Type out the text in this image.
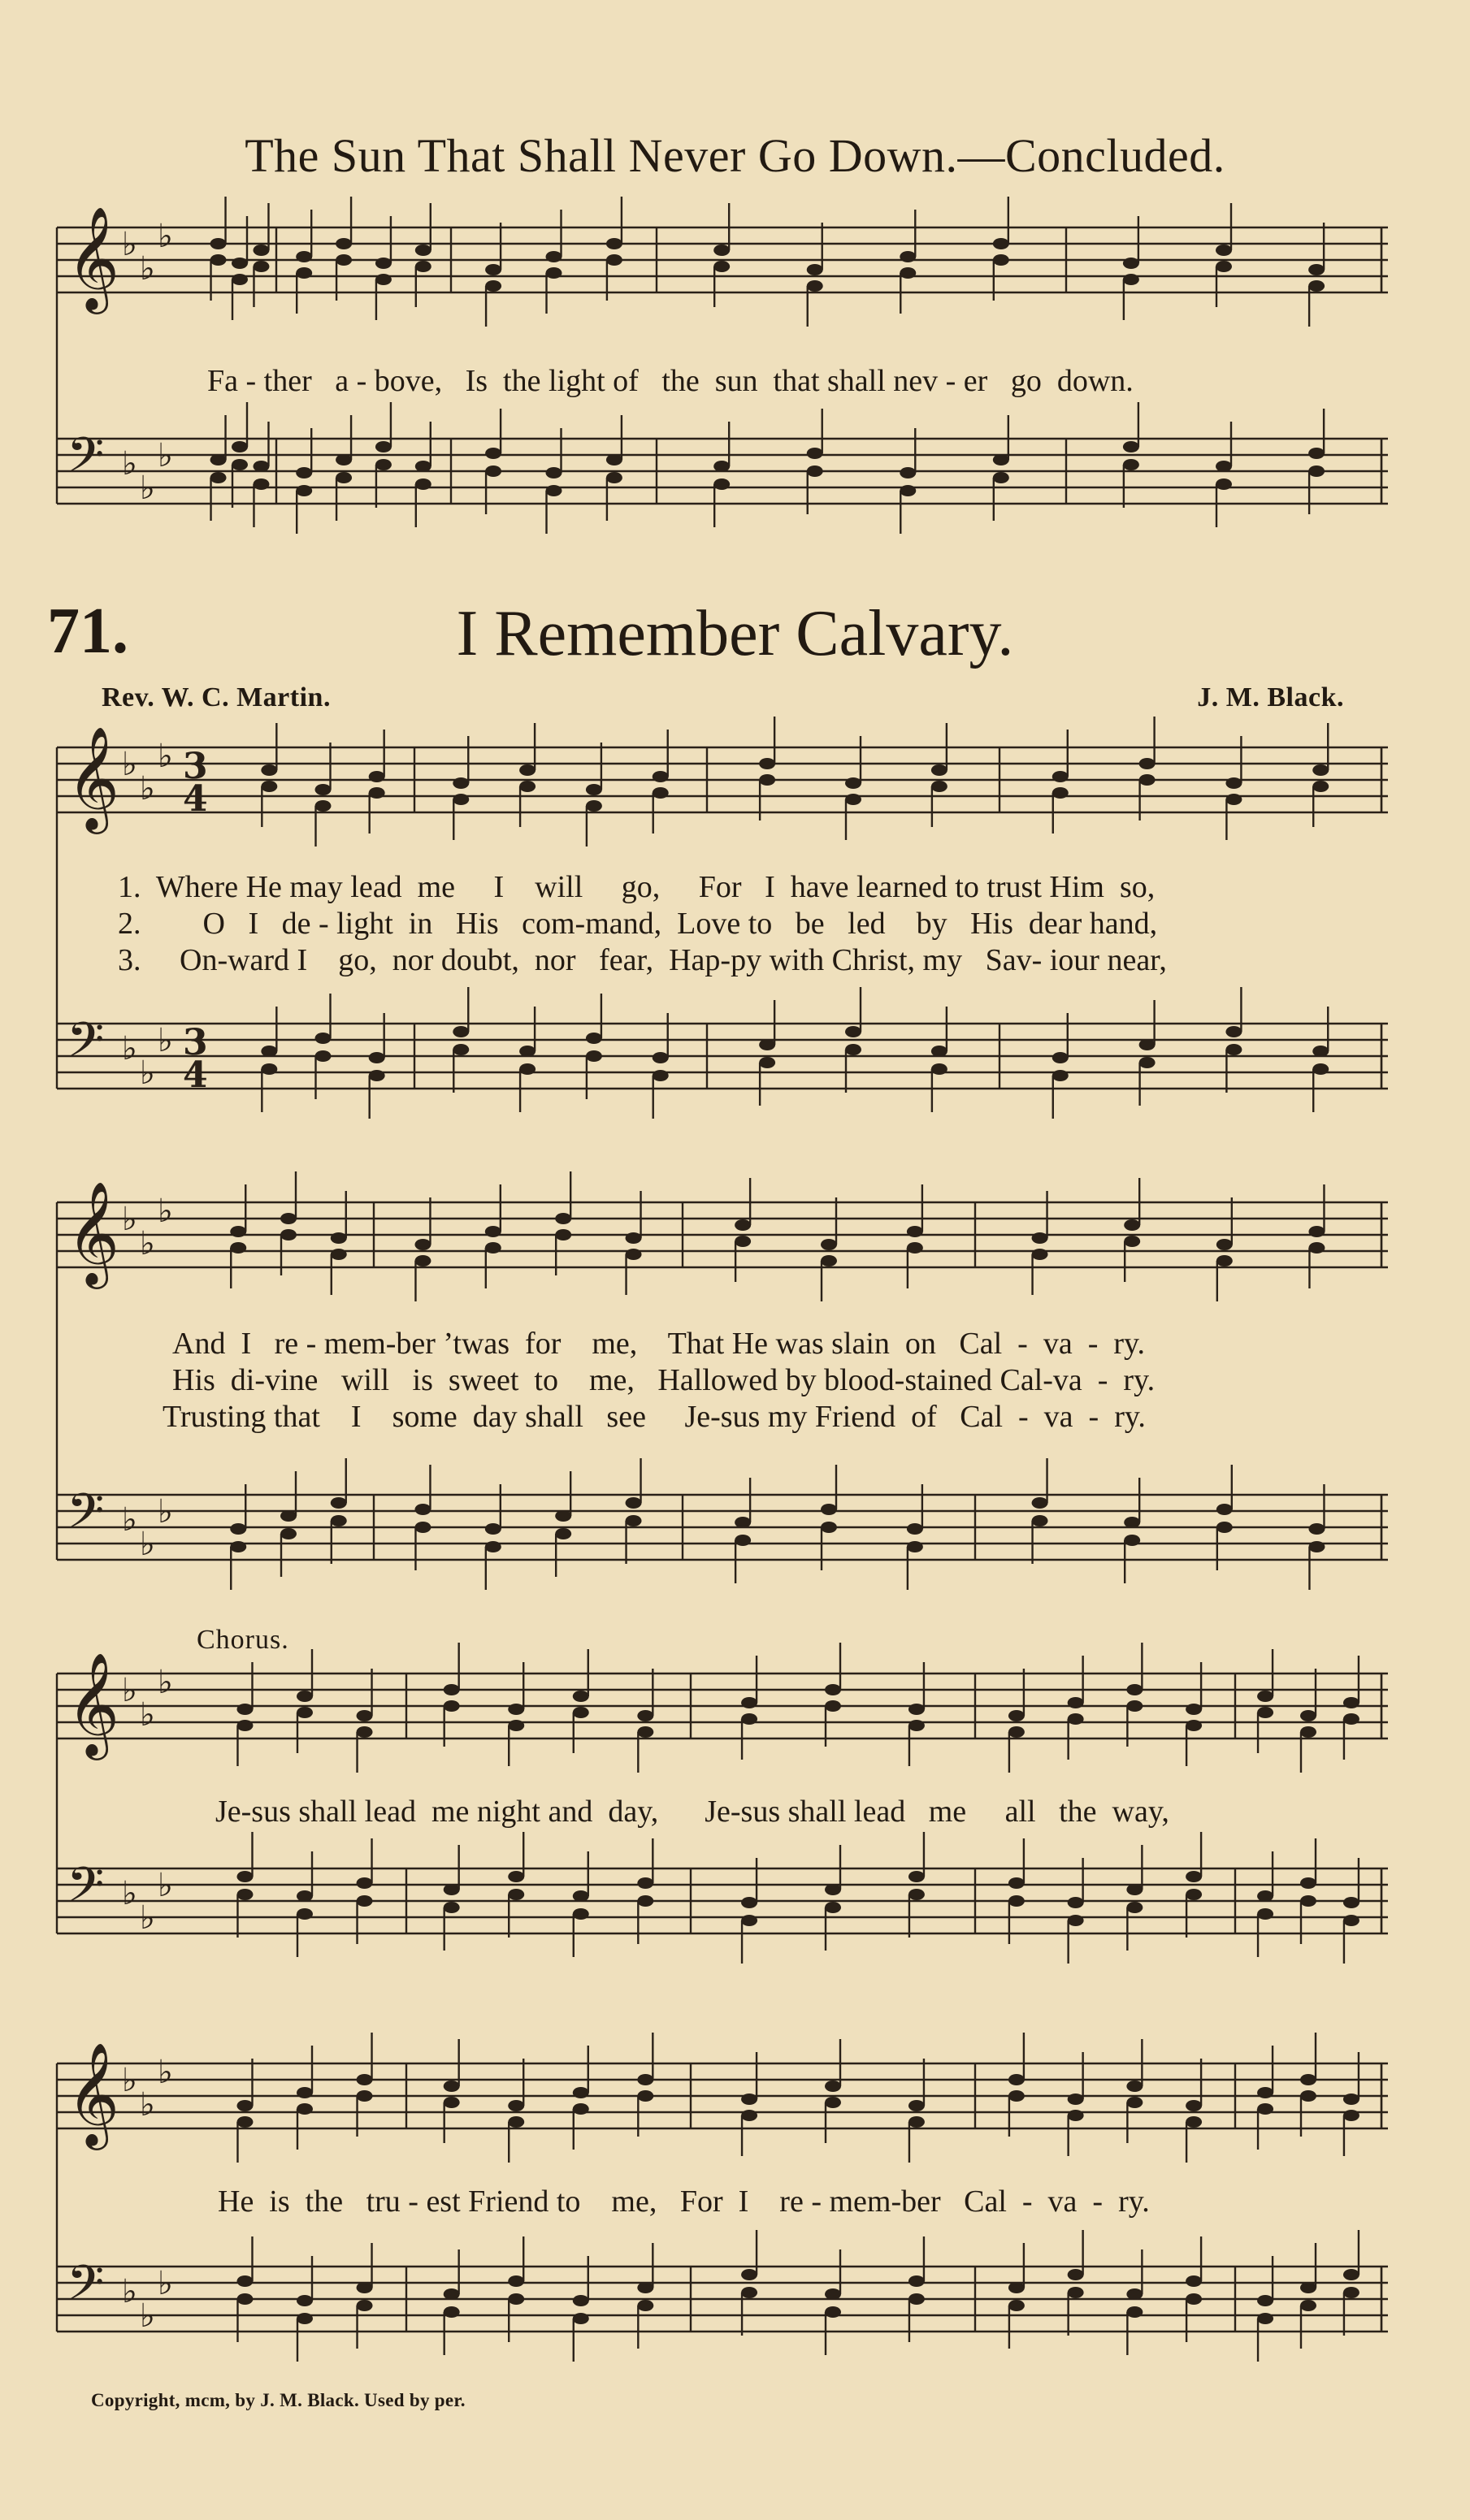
The Sun That Shall Never Go Down.—Concluded.
Fa - ther   a - bove,   Is  the light of   the  sun  that shall nev - er   go  down.
71.	I Remember Calvary.
Rev. W. C. Martin.	J. M. Black.
1.  Where He may lead  me     I    will     go,     For   I  have learned to trust Him  so,
2.        O   I   de - light  in   His   com-mand,  Love to   be   led    by   His  dear hand,
3.     On-ward I    go,  nor doubt,  nor   fear,  Hap-py with Christ, my   Sav- iour near,
And  I   re - mem-ber ’twas  for    me,    That He was slain  on   Cal  -  va  -  ry.
His  di-vine   will   is  sweet  to    me,   Hallowed by blood-stained Cal-va  -  ry.
Trusting that    I    some  day shall   see     Je-sus my Friend  of   Cal  -  va  -  ry.
Chorus.
Je-sus shall lead  me night and  day,      Je-sus shall lead   me     all   the  way,
He  is  the   tru - est Friend to    me,   For  I    re - mem-ber   Cal  -  va  -  ry.
Copyright, mcm, by J. M. Black. Used by per.
𝄞 ♭
♭
♭
𝄢 ♭
♭
♭
𝄞 ♭
♭
♭ 3
4
𝄢 ♭
♭
♭ 3
4
𝄞 ♭
♭
♭
𝄢 ♭
♭
♭
𝄞 ♭
♭
♭
𝄢 ♭
♭
♭
𝄞 ♭
♭
♭
𝄢 ♭
♭
♭
